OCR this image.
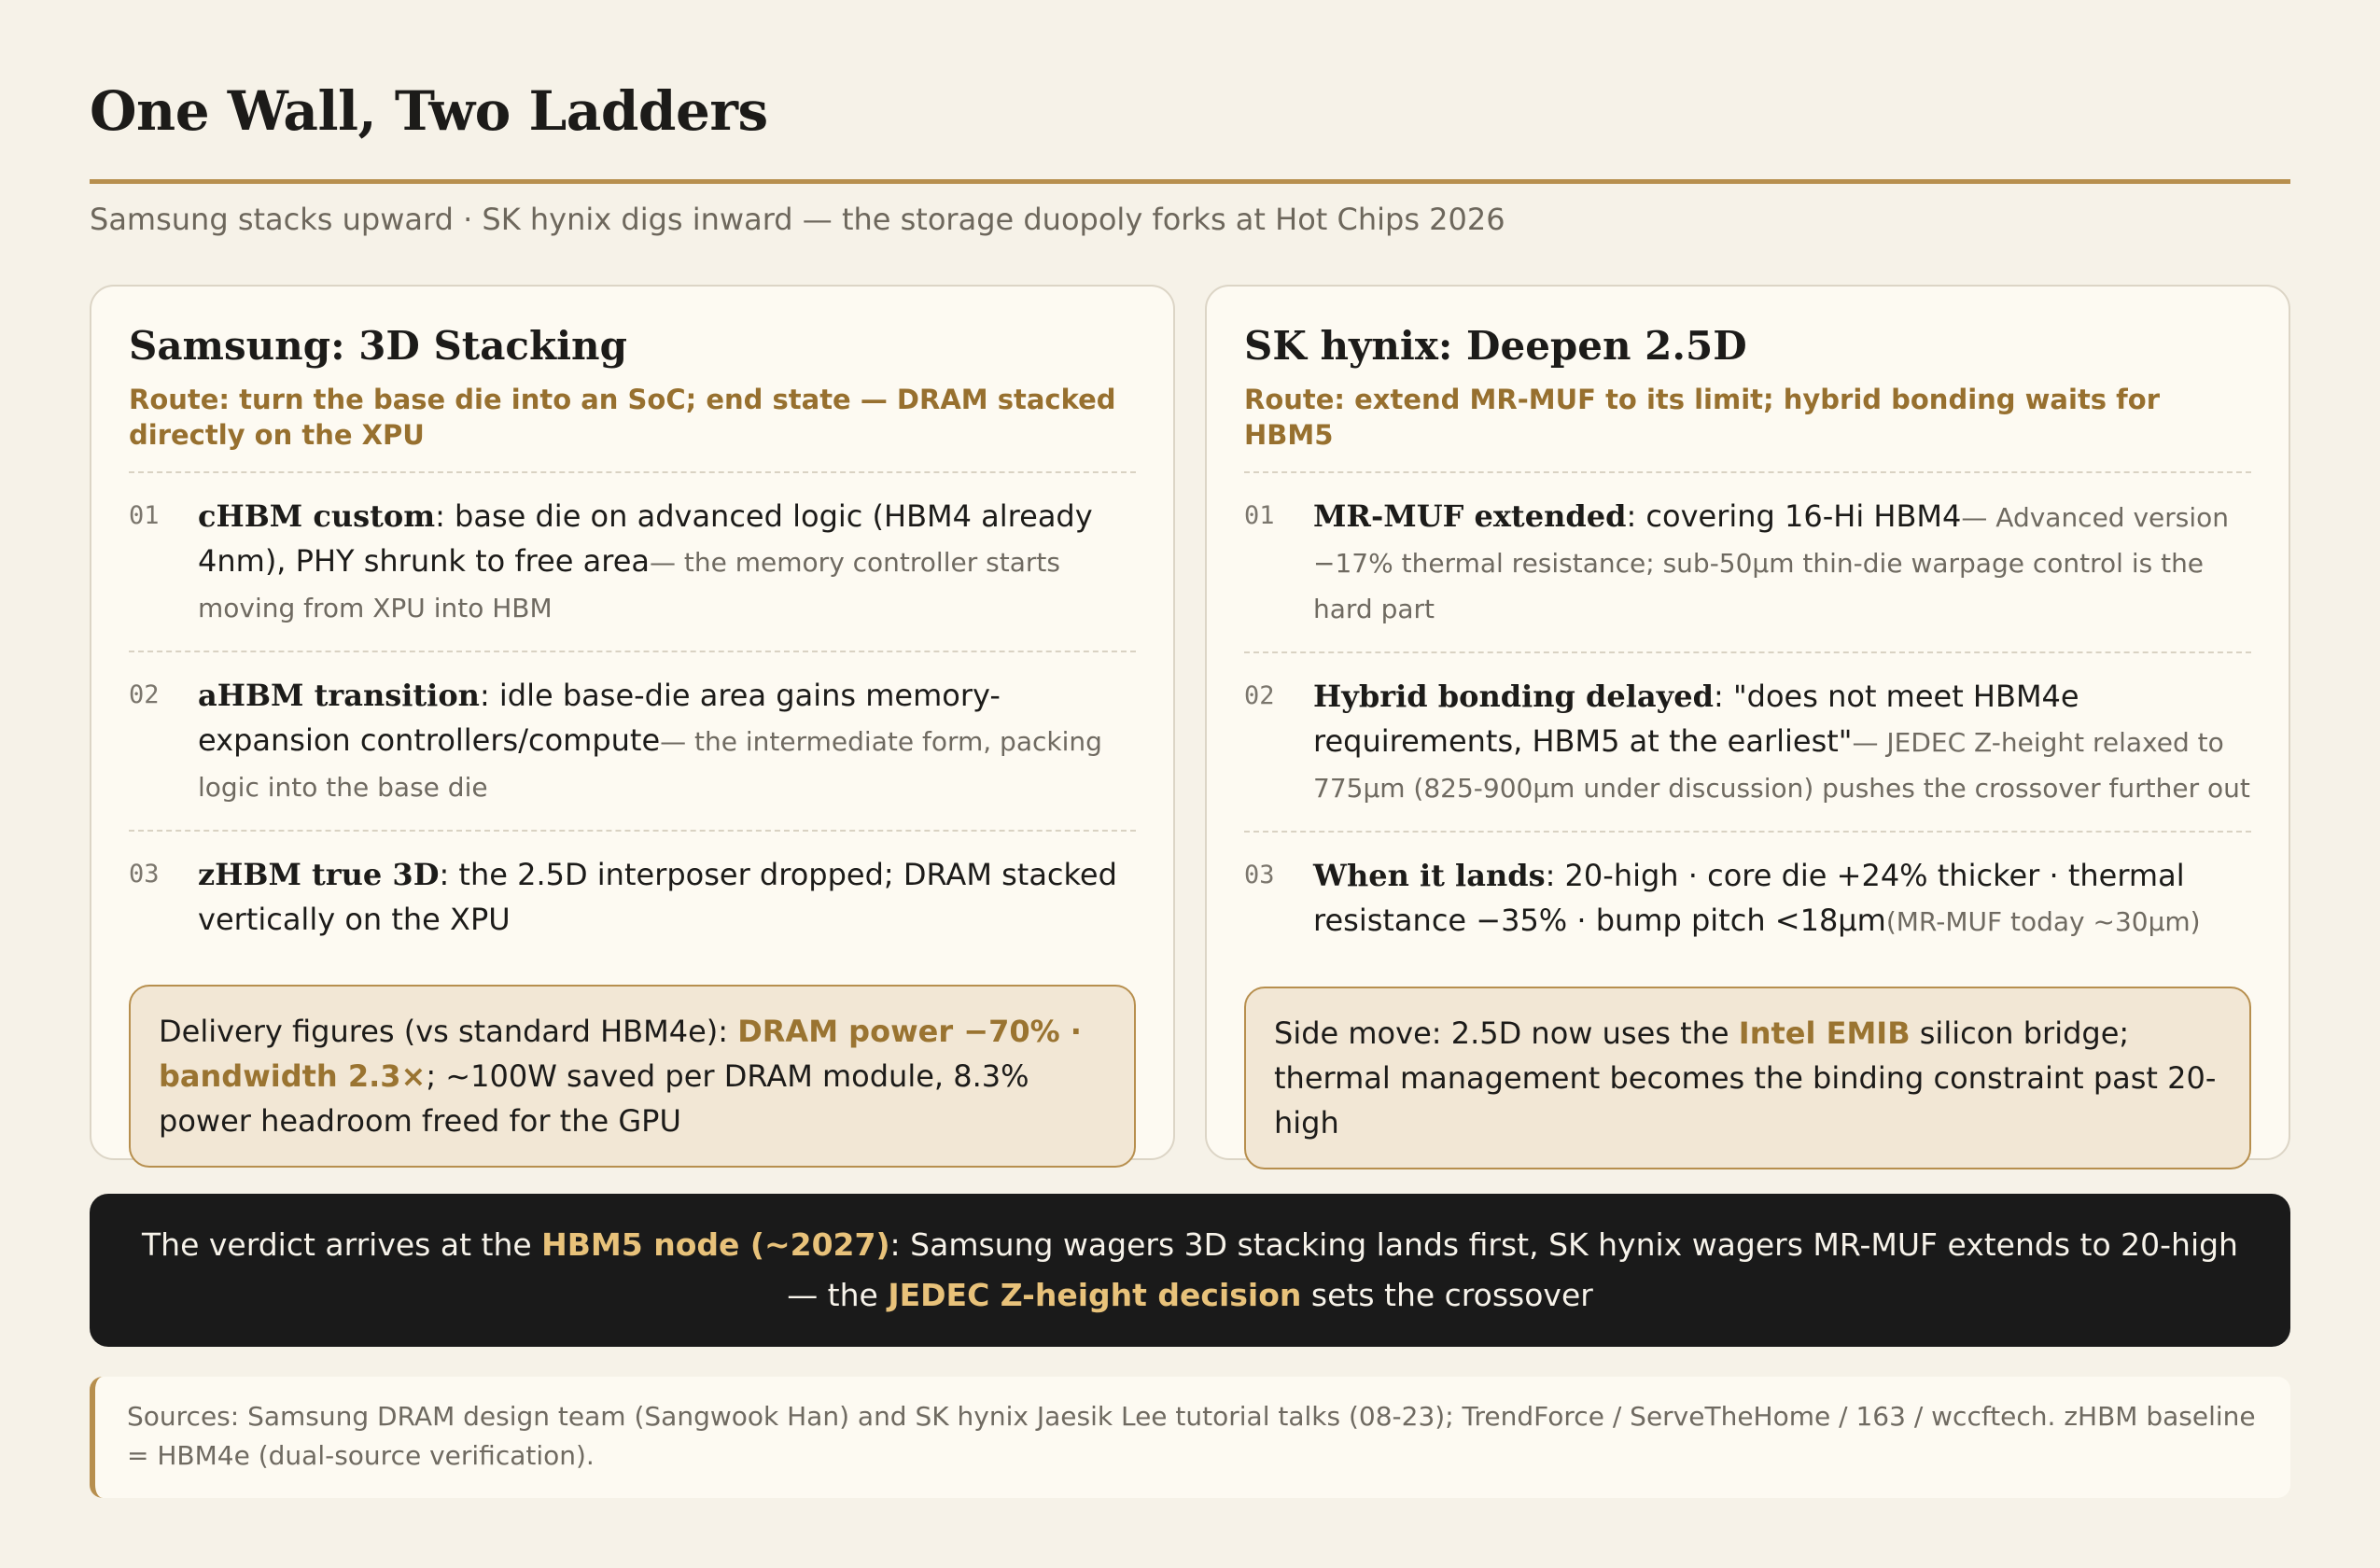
One Wall, Two Ladders
Samsung stacks upward · SK hynix digs inward — the storage duopoly forks at Hot Chips 2026
Samsung: 3D Stacking
Route: turn the base die into an SoC; end state — DRAM stacked directly on the XPU
01	cHBM custom: base die on advanced logic (HBM4 already 4nm), PHY shrunk to free area— the memory controller starts moving from XPU into HBM
02	aHBM transition: idle base-die area gains memory-expansion controllers/compute— the intermediate form, packing logic into the base die
03	zHBM true 3D: the 2.5D interposer dropped; DRAM stacked vertically on the XPU
Delivery figures (vs standard HBM4e): DRAM power −70% · bandwidth 2.3×; ~100W saved per DRAM module, 8.3% power headroom freed for the GPU
SK hynix: Deepen 2.5D
Route: extend MR-MUF to its limit; hybrid bonding waits for HBM5
01	MR-MUF extended: covering 16-Hi HBM4— Advanced version −17% thermal resistance; sub-50μm thin-die warpage control is the hard part
02	Hybrid bonding delayed: "does not meet HBM4e requirements, HBM5 at the earliest"— JEDEC Z-height relaxed to 775μm (825-900μm under discussion) pushes the crossover further out
03	When it lands: 20-high · core die +24% thicker · thermal resistance −35% · bump pitch <18μm(MR-MUF today ~30μm)
Side move: 2.5D now uses the Intel EMIB silicon bridge; thermal management becomes the binding constraint past 20-high
The verdict arrives at the HBM5 node (~2027): Samsung wagers 3D stacking lands first, SK hynix wagers MR-MUF extends to 20-high — the JEDEC Z-height decision sets the crossover
Sources: Samsung DRAM design team (Sangwook Han) and SK hynix Jaesik Lee tutorial talks (08-23); TrendForce / ServeTheHome / 163 / wccftech. zHBM baseline = HBM4e (dual-source verification).
